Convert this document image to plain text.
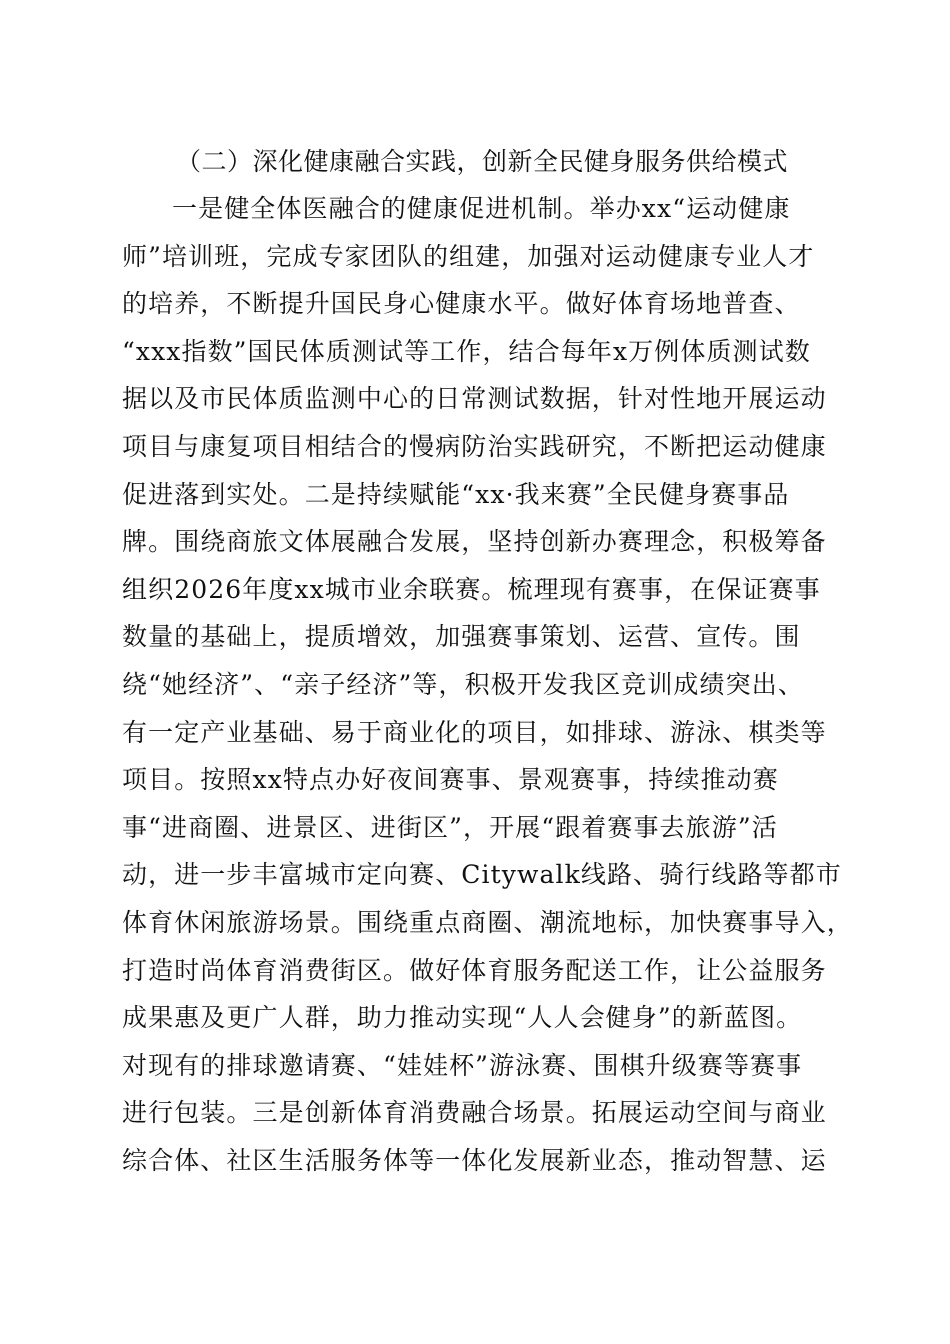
（二）深化健康融合实践，创新全民健身服务供给模式
一是健全体医融合的健康促进机制。举办xx“运动健康
师”培训班，完成专家团队的组建，加强对运动健康专业人才
的培养，不断提升国民身心健康水平。做好体育场地普查、
“xxx指数”国民体质测试等工作，结合每年x万例体质测试数
据以及市民体质监测中心的日常测试数据，针对性地开展运动
项目与康复项目相结合的慢病防治实践研究，不断把运动健康
促进落到实处。二是持续赋能“xx·我来赛”全民健身赛事品
牌。围绕商旅文体展融合发展，坚持创新办赛理念，积极筹备
组织2026年度xx城市业余联赛。梳理现有赛事，在保证赛事
数量的基础上，提质增效，加强赛事策划、运营、宣传。围
绕“她经济”、“亲子经济”等，积极开发我区竞训成绩突出、
有一定产业基础、易于商业化的项目，如排球、游泳、棋类等
项目。按照xx特点办好夜间赛事、景观赛事，持续推动赛
事“进商圈、进景区、进街区”，开展“跟着赛事去旅游”活
动，进一步丰富城市定向赛、Citywalk线路、骑行线路等都市
体育休闲旅游场景。围绕重点商圈、潮流地标，加快赛事导入，
打造时尚体育消费街区。做好体育服务配送工作，让公益服务
成果惠及更广人群，助力推动实现“人人会健身”的新蓝图。
对现有的排球邀请赛、“娃娃杯”游泳赛、围棋升级赛等赛事
进行包装。三是创新体育消费融合场景。拓展运动空间与商业
综合体、社区生活服务体等一体化发展新业态，推动智慧、运
